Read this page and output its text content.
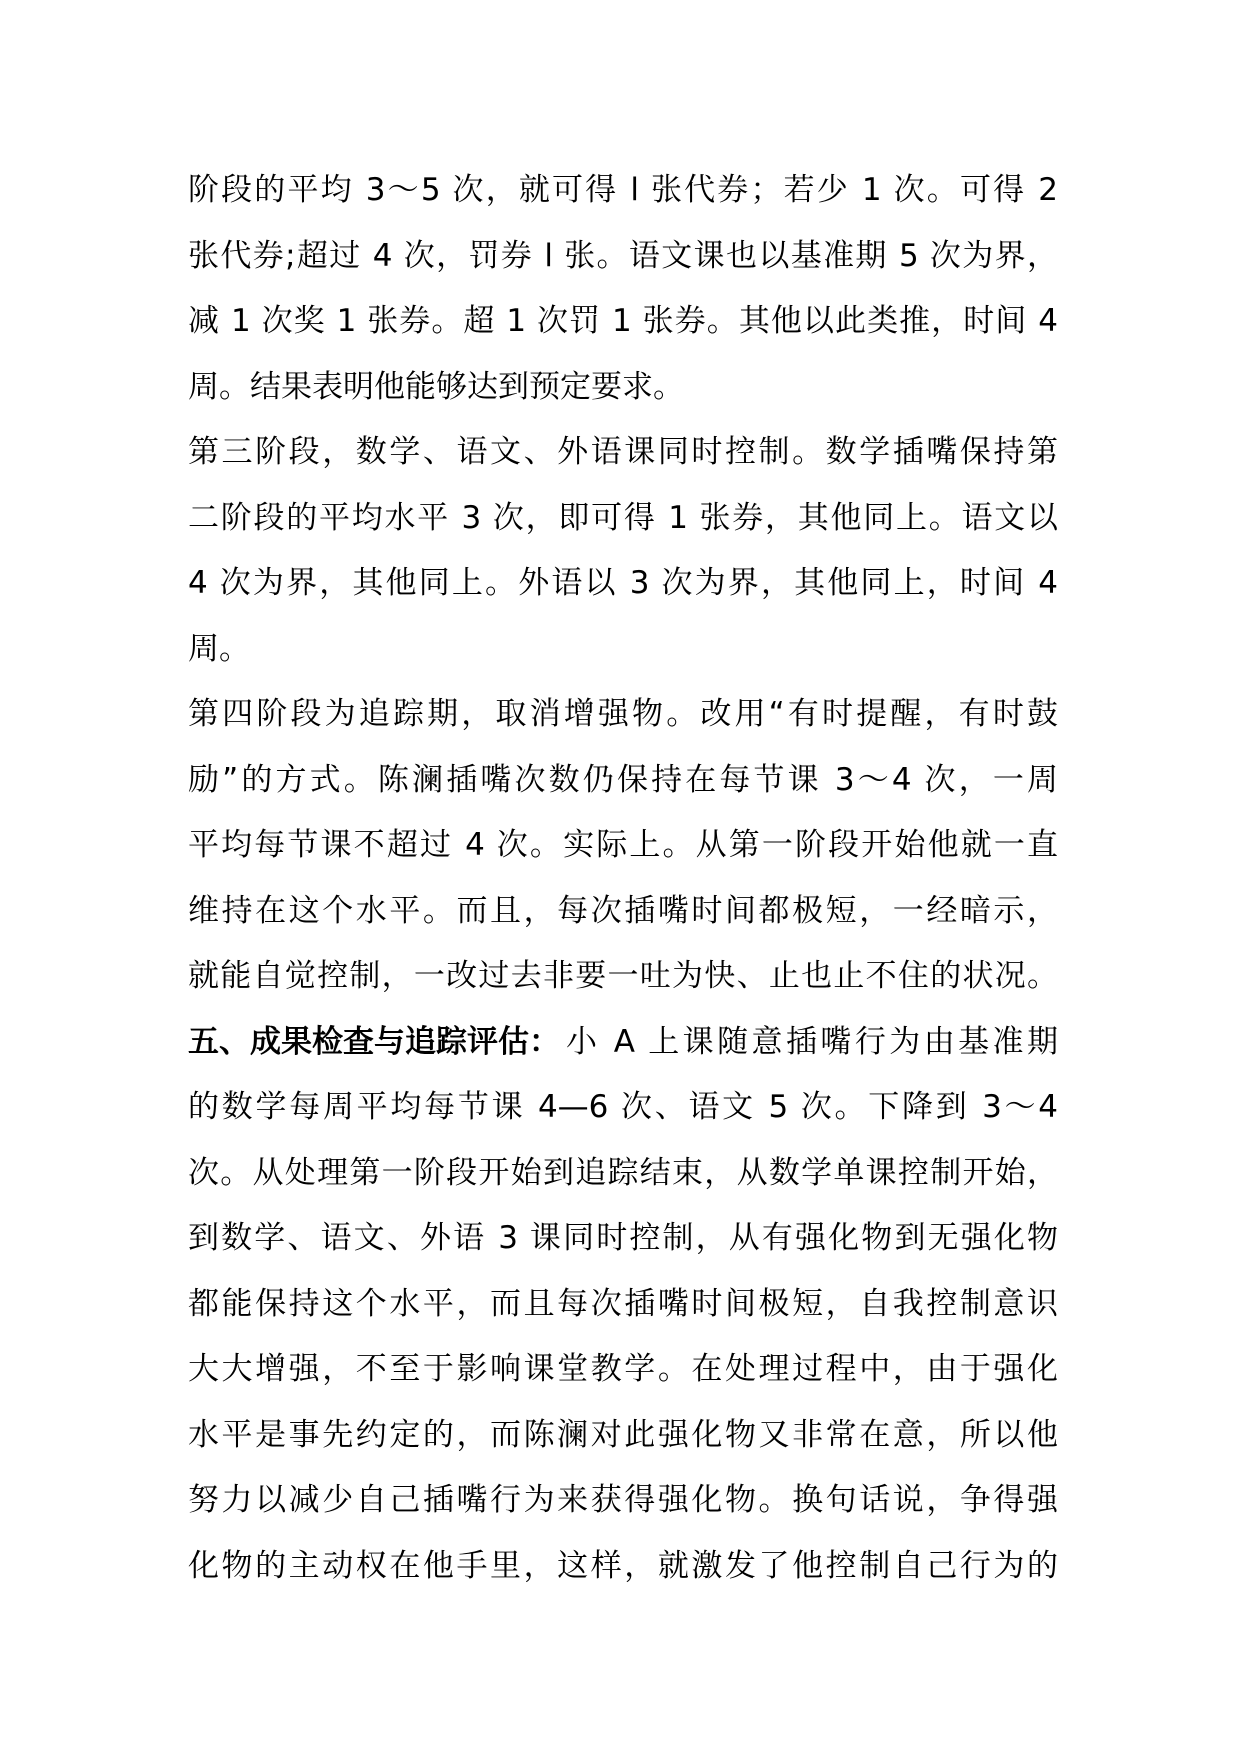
阶段的平均 3～5 次，就可得 l 张代券；若少 1 次。可得 2
张代券;超过 4 次，罚券 l 张。语文课也以基准期 5 次为界，
减 1 次奖 1 张券。超 1 次罚 1 张券。其他以此类推，时间 4
周。结果表明他能够达到预定要求。
第三阶段，数学、语文、外语课同时控制。数学插嘴保持第
二阶段的平均水平 3 次，即可得 1 张券，其他同上。语文以
4 次为界，其他同上。外语以 3 次为界，其他同上，时间 4
周。
第四阶段为追踪期，取消增强物。改用“有时提醒，有时鼓
励”的方式。陈澜插嘴次数仍保持在每节课 3～4 次，一周
平均每节课不超过 4 次。实际上。从第一阶段开始他就一直
维持在这个水平。而且，每次插嘴时间都极短，一经暗示，
就能自觉控制，一改过去非要一吐为快、止也止不住的状况。
五、成果检查与追踪评估： 小 A 上课随意插嘴行为由基准期
的数学每周平均每节课 4—6 次、语文 5 次。下降到 3～4
次。从处理第一阶段开始到追踪结束，从数学单课控制开始，
到数学、语文、外语 3 课同时控制，从有强化物到无强化物
都能保持这个水平，而且每次插嘴时间极短，自我控制意识
大大增强，不至于影响课堂教学。在处理过程中，由于强化
水平是事先约定的，而陈澜对此强化物又非常在意，所以他
努力以减少自己插嘴行为来获得强化物。换句话说，争得强
化物的主动权在他手里，这样，就激发了他控制自己行为的
